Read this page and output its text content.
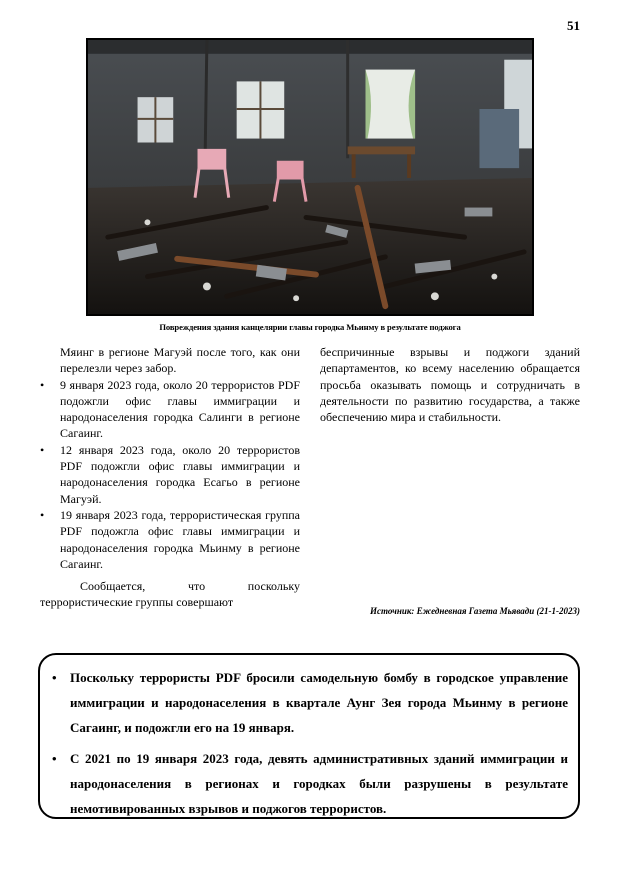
51
Повреждения здания канцелярии главы городка Мьинму в результате поджога
Мяинг в регионе Магуэй после того, как они перелезли через забор.
• 9 января 2023 года, около 20 террористов PDF подожгли офис главы иммиграции и народонаселения городка Салинги в регионе Сагаинг.
• 12 января 2023 года, около 20 террористов PDF подожгли офис главы иммиграции и народонаселения городка Есагьо в регионе Магуэй.
• 19 января 2023 года, террористическая группа PDF подожгла офис главы иммиграции и народонаселения городка Мьинму в регионе Сагаинг.
Сообщается, что поскольку террористические группы совершают
беспричинные взрывы и поджоги зданий департаментов, ко всему населению обращается просьба оказывать помощь и сотрудничать в деятельности по развитию государства, а также обеспечению мира и стабильности.
Источник: Ежедневная Газета Мьявади (21-1-2023)
• Поскольку террористы PDF бросили самодельную бомбу в городское управление иммиграции и народонаселения в квартале Аунг Зея города Мьинму в регионе Сагаинг, и подожгли его на 19 января.
• С 2021 по 19 января 2023 года, девять административных зданий иммиграции и народонаселения в регионах и городках были разрушены в результате немотивированных взрывов и поджогов террористов.
